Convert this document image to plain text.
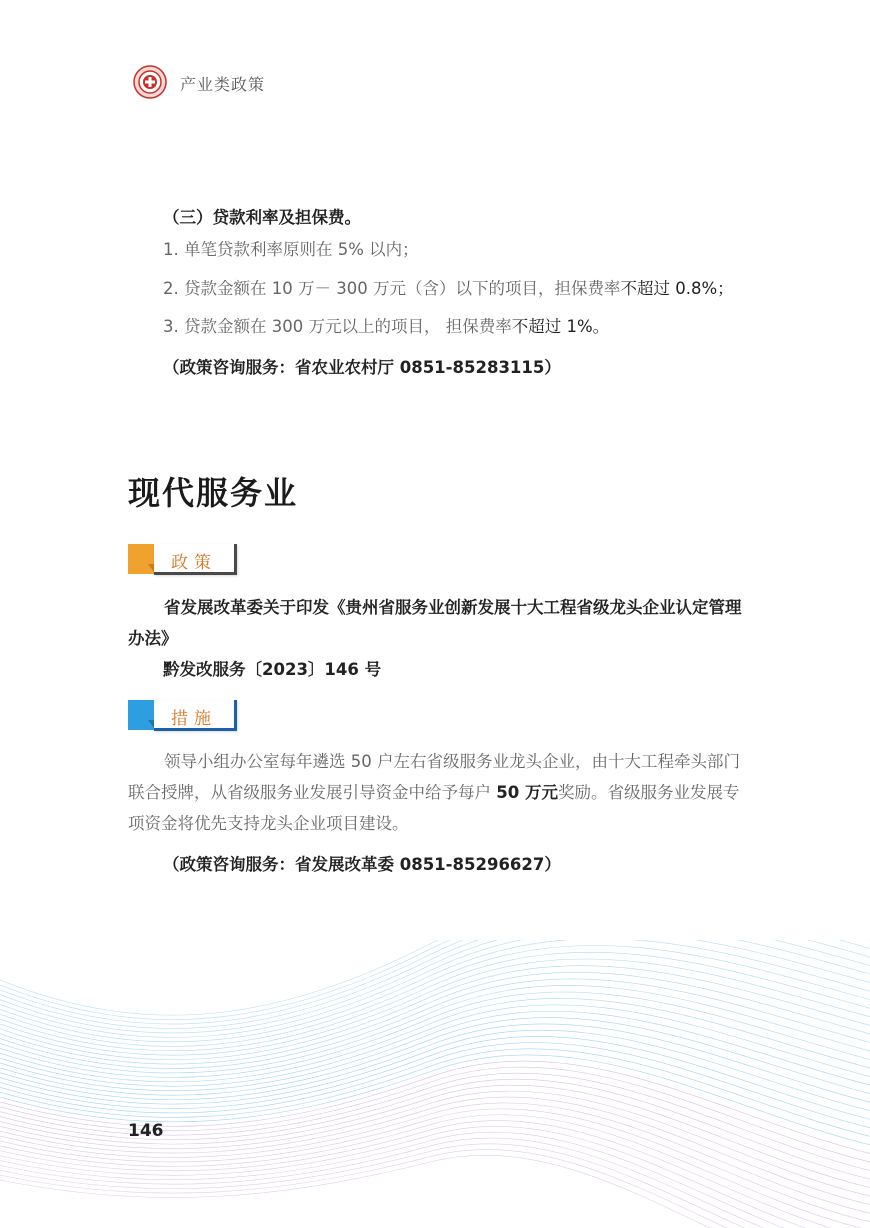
产业类政策
（三）贷款利率及担保费。
1. 单笔贷款利率原则在 5% 以内；
2. 贷款金额在 10 万－ 300 万元（含）以下的项目，担保费率不超过 0.8%；
3. 贷款金额在 300 万元以上的项目， 担保费率不超过 1%。
（政策咨询服务：省农业农村厅 0851-85283115）
现代服务业
政策
省发展改革委关于印发《贵州省服务业创新发展十大工程省级龙头企业认定管理办法》
黔发改服务〔2023〕146 号
措施
领导小组办公室每年遴选 50 户左右省级服务业龙头企业，由十大工程牵头部门联合授牌，从省级服务业发展引导资金中给予每户 50 万元奖励。省级服务业发展专项资金将优先支持龙头企业项目建设。
（政策咨询服务：省发展改革委 0851-85296627）
146
